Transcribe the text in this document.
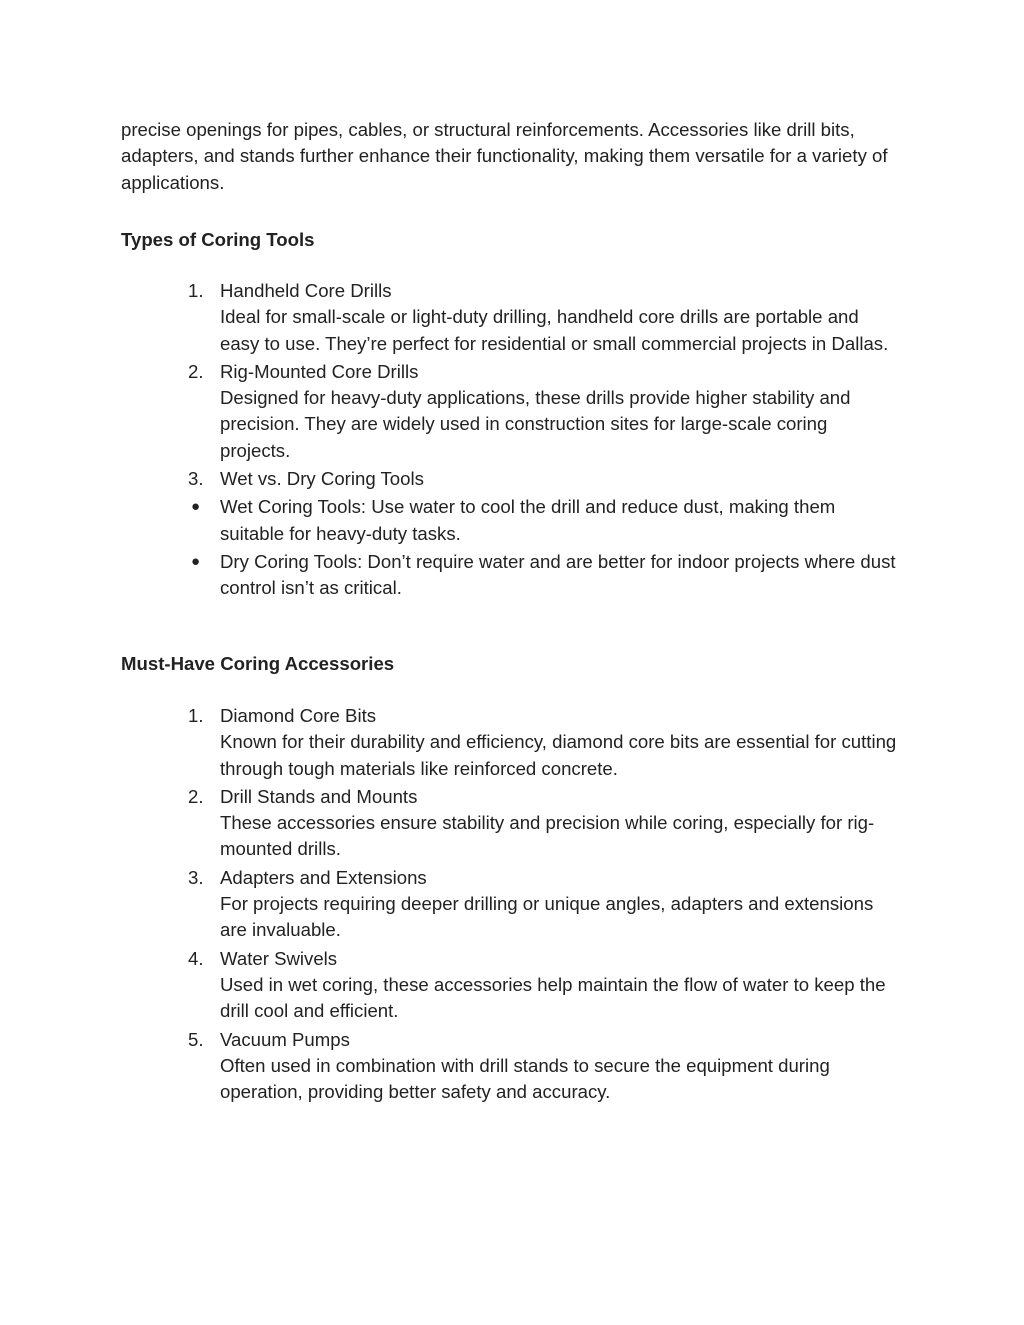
precise openings for pipes, cables, or structural reinforcements. Accessories like drill bits, adapters, and stands further enhance their functionality, making them versatile for a variety of applications.

Types of Coring Tools
1. Handheld Core Drills
Ideal for small-scale or light-duty drilling, handheld core drills are portable and easy to use. They’re perfect for residential or small commercial projects in Dallas.
2. Rig-Mounted Core Drills
Designed for heavy-duty applications, these drills provide higher stability and precision. They are widely used in construction sites for large-scale coring projects.
3. Wet vs. Dry Coring Tools
●	Wet Coring Tools: Use water to cool the drill and reduce dust, making them suitable for heavy-duty tasks.
●	Dry Coring Tools: Don’t require water and are better for indoor projects where dust control isn’t as critical.
Must-Have Coring Accessories
1. Diamond Core Bits
Known for their durability and efficiency, diamond core bits are essential for cutting through tough materials like reinforced concrete.
2. Drill Stands and Mounts
These accessories ensure stability and precision while coring, especially for rig-mounted drills.
3. Adapters and Extensions
For projects requiring deeper drilling or unique angles, adapters and extensions are invaluable.
4. Water Swivels
Used in wet coring, these accessories help maintain the flow of water to keep the drill cool and efficient.
5. Vacuum Pumps
Often used in combination with drill stands to secure the equipment during operation, providing better safety and accuracy.
